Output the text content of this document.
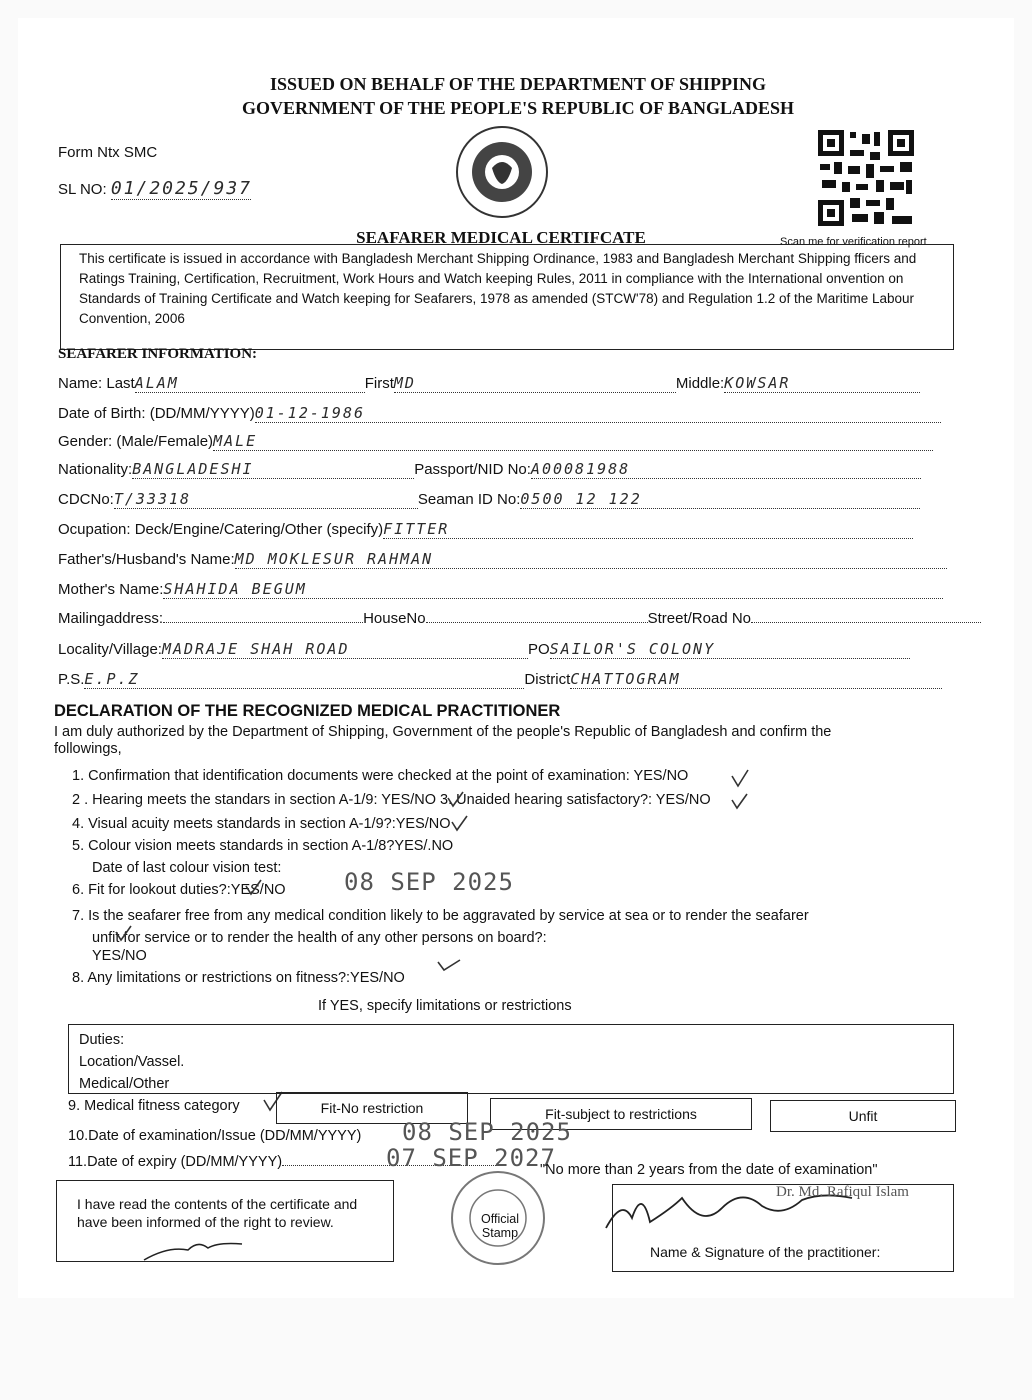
ISSUED ON BEHALF OF THE DEPARTMENT OF SHIPPING
GOVERNMENT OF THE PEOPLE'S REPUBLIC OF BANGLADESH
Form Ntx SMC
SL NO: 01/2025/937
Scan me for verification report
SEAFARER MEDICAL CERTIFCATE
This certificate is issued in accordance with Bangladesh Merchant Shipping Ordinance, 1983 and Bangladesh Merchant Shipping fficers and Ratings Training, Certification, Recruitment, Work Hours and Watch keeping Rules, 2011 in compliance with the International onvention on Standards of Training Certificate and Watch keeping for Seafarers, 1978 as amended (STCW'78) and Regulation 1.2 of the Maritime Labour Convention, 2006
SEAFARER INFORMATION:
Name: LastALAM	FirstMD	Middle:KOWSAR
Date of Birth: (DD/MM/YYYY)01-12-1986
Gender: (Male/Female)MALE
Nationality:BANGLADESHI	Passport/NID No:A00081988
CDCNo:T/33318	Seaman ID No:0500 12 122
Ocupation: Deck/Engine/Catering/Other (specify)FITTER
Father's/Husband's Name:MD MOKLESUR RAHMAN
Mother's Name:SHAHIDA BEGUM
Mailingaddress:	HouseNo	Street/Road No
Locality/Village:MADRAJE SHAH ROAD	POSAILOR'S COLONY
P.S.E.P.Z	DistrictCHATTOGRAM
DECLARATION OF THE RECOGNIZED MEDICAL PRACTITIONER
I am duly authorized by the Department of Shipping, Government of the people's Republic of Bangladesh and confirm the followings,
1. Confirmation that identification documents were checked at the point of examination: YES/NO
2 . Hearing meets the standars in section A-1/9: YES/NO 3. Unaided hearing satisfactory?: YES/NO
4. Visual acuity meets standards in section A-1/9?:YES/NO
5. Colour vision meets standards in section A-1/8?YES/.NO
Date of last colour vision test:
6. Fit for lookout duties?:YES/NO 08 SEP 2025
7. Is the seafarer free from any medical condition likely to be aggravated by service at sea or to render the seafarer
unfit for service or to render the health of any other persons on board?:
YES/NO
8. Any limitations or restrictions on fitness?:YES/NO
If YES, specify limitations or restrictions
Duties:
Location/Vassel.
Medical/Other
9. Medical fitness category	Fit-No restriction	Fit-subject to restrictions	Unfit
10.Date of examination/Issue (DD/MM/YYYY) 08 SEP 2025
11.Date of expiry (DD/MM/YYYY)	07 SEP 2027
"No more than 2 years from the date of examination"
I have read the contents of the certificate and have been informed of the right to review.	Official Stamp
Dr. Md. Rafiqul Islam
Name & Signature of the practitioner:
